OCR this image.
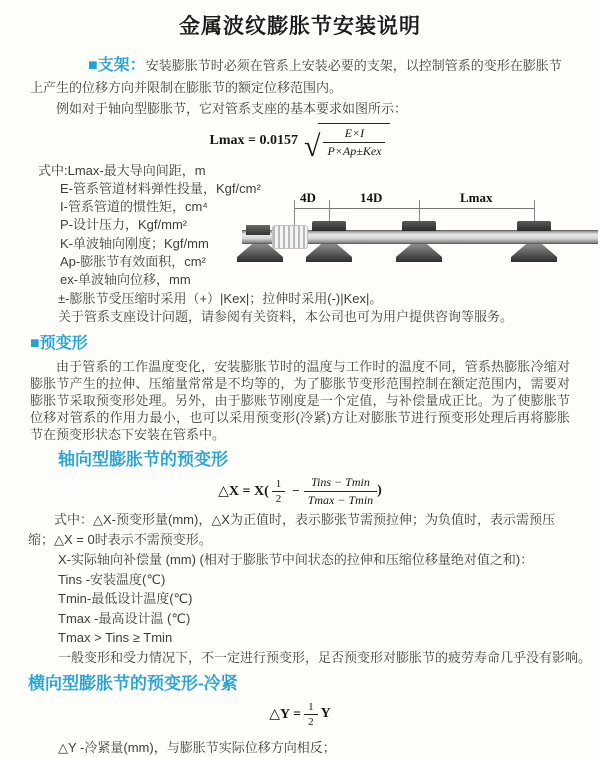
金属波纹膨胀节安装说明

■支架：安装膨胀节时必须在管系上安装必要的支架，以控制管系的变形在膨胀节上产生的位移方向并限制在膨胀节的额定位移范围内。

例如对于轴向型膨胀节，它对管系支座的基本要求如图所示：

Lmax = 0.0157 √ $\frac{E\times I}{\text{P×Ap±Kex}}$
式中:Lmax-最大导向间距，m
E-管系管道材料弹性投量，Kgf/cm²
I-管系管道的惯性矩，cm⁴
P-设计压力，Kgf/mm²
K-单波轴向刚度；Kgf/mm
Ap-膨胀节有效面积，cm²
ex-单波轴向位移，mm
±-膨胀节受压缩时采用（+）|Kex|；拉伸时采用(-)|Kex|。
关于管系支座设计问题，请参阅有关资料，本公司也可为用户提供咨询等服务。
4D	14D	Lmax
■预变形

由于管系的工作温度变化，安装膨胀节时的温度与工作时的温度不同，管系热膨胀冷缩对膨胀节产生的拉伸、压缩量常常是不均等的，为了膨胀节变形范围控制在额定范围内，需要对膨胀节采取预变形处理。另外，由于膨账节刚度是一个定值，与补偿量成正比。为了使膨胀节位移对管系的作用力最小，也可以采用预变形(冷紧)方让对膨胀节进行预变形处理后再将膨胀节在预变形状态下安装在管系中。

轴向型膨胀节的预变形
△X = $X( \frac{1}{2} - \frac{\text{Tins − Tmin}}{Tmax - Tmin}$ )

式中：△X-预变形量(mm)，△X为正值时，表示膨张节需预拉伸；为负值时，表示需预压缩；△X = 0时表示不需预变形。

X-实际轴向补偿量 (mm) (相对于膨胀节中间状态的拉伸和压缩位移量绝对值之和)：
Tins -安装温度(℃)
Tmin-最低设计温度(℃)
Tmax -最高设计温 (℃)
Tmax > Tins ≥ Tmin
一般变形和受力情况下，不一定进行预变形，足否预变形对膨胀节的疲劳寿命几乎没有影响。
横向型膨胀节的预变形-冷紧
△Y = $\frac{1}{2}$ Y
△Y -冷紧量(mm)，与膨胀节实际位移方向相反；
